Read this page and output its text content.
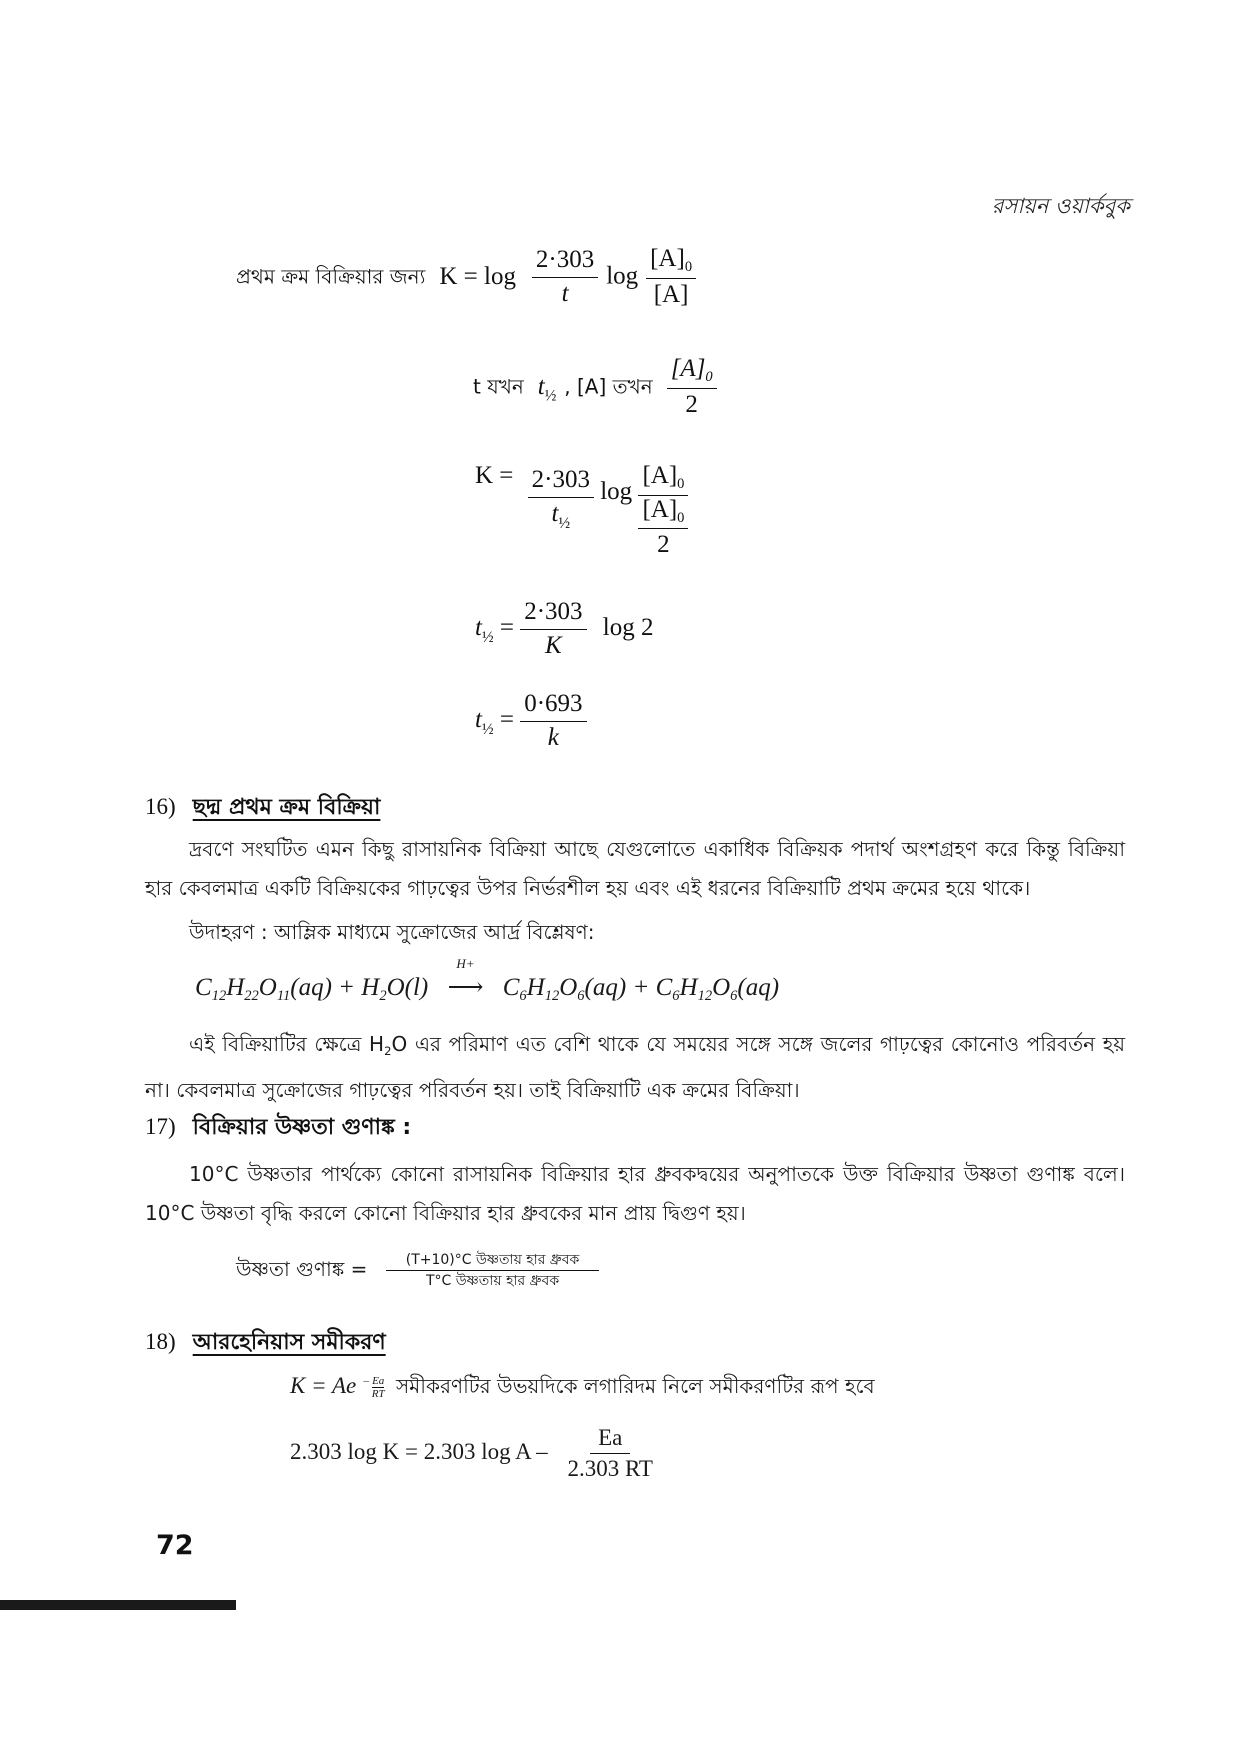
রসায়ন ওয়ার্কবুক
প্রথম ক্রম বিক্রিয়ার জন্য $K = \log \frac{2\cdot 303}{t}$ $\log \frac{[A]_0}{[A]}$
t যখন $t_{\frac{1}{2}}$ , [A] তখন $\frac{[A]_0}{2}$
$K = \frac{2\cdot 303}{t_{\frac{1}{2}}}$ $\log \frac{[A]_0}{\frac{[A]_0}{2}}$
$t_{\frac{1}{2}} = \frac{2\cdot 303}{K}$ log 2
$t_{\frac{1}{2}} = \frac{0\cdot 693}{k}$
16) ছদ্ম প্রথম ক্রম বিক্রিয়া
দ্রবণে সংঘটিত এমন কিছু রাসায়নিক বিক্রিয়া আছে যেগুলোতে একাধিক বিক্রিয়ক পদার্থ অংশগ্রহণ করে কিন্তু বিক্রিয়া হার কেবলমাত্র একটি বিক্রিয়কের গাঢ়ত্বের উপর নির্ভরশীল হয় এবং এই ধরনের বিক্রিয়াটি প্রথম ক্রমের হয়ে থাকে।
উদাহরণ : আম্লিক মাধ্যমে সুক্রোজের আর্দ্র বিশ্লেষণ:
$C_{12}H_{22}O_{11}(aq) + H_2O(l)$
H+
⟶ $C_6H_{12}O_6(aq) + C_6H_{12}O_6(aq)$
এই বিক্রিয়াটির ক্ষেত্রে $H_2O$ এর পরিমাণ এত বেশি থাকে যে সময়ের সঙ্গে সঙ্গে জলের গাঢ়ত্বের কোনোও পরিবর্তন হয় না। কেবলমাত্র সুক্রোজের গাঢ়ত্বের পরিবর্তন হয়। তাই বিক্রিয়াটি এক ক্রমের বিক্রিয়া।
17) বিক্রিয়ার উষ্ণতা গুণাঙ্ক :
10°C উষ্ণতার পার্থক্যে কোনো রাসায়নিক বিক্রিয়ার হার ধ্রুবকদ্বয়ের অনুপাতকে উক্ত বিক্রিয়ার উষ্ণতা গুণাঙ্ক বলে। 10°C উষ্ণতা বৃদ্ধি করলে কোনো বিক্রিয়ার হার ধ্রুবকের মান প্রায় দ্বিগুণ হয়।
উষ্ণতা গুণাঙ্ক = $\frac{\text{(T+10)°C উষ্ণতায় হার ধ্রুবক}}{\text{T°C উষ্ণতায় হার ধ্রুবক}}$
18) আরহেনিয়াস সমীকরণ
$K = Ae - \frac{Ea}{RT}$ সমীকরণটির উভয়দিকে লগারিদম নিলে সমীকরণটির রূপ হবে
2.303 log K = 2.303 log A – $\frac{Ea}{2.303 RT}$
72
